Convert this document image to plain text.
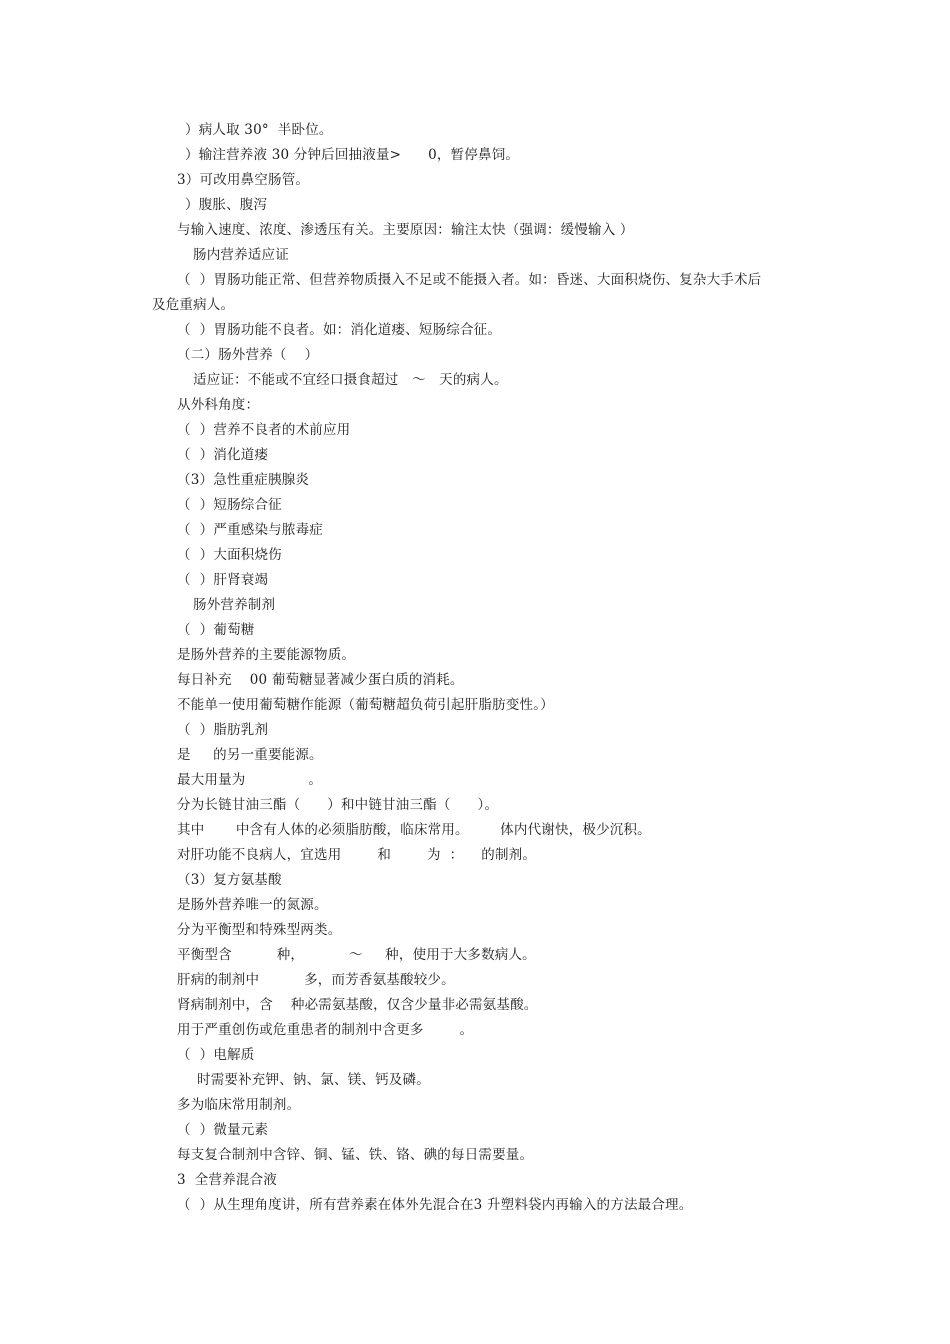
）病人取 30°  半卧位。
）输注营养液 30 分钟后回抽液量>      0，暂停鼻饲。
3）可改用鼻空肠管。
）腹胀、腹泻
与输入速度、浓度、渗透压有关。主要原因：输注太快（强调：缓慢输入 ）
肠内营养适应证
（  ）胃肠功能正常、但营养物质摄入不足或不能摄入者。如：昏迷、大面积烧伤、复杂大手术后
及危重病人。
（  ）胃肠功能不良者。如：消化道瘘、短肠综合征。
（二）肠外营养（    ）
适应证：不能或不宜经口摄食超过   ～   天的病人。
从外科角度：
（  ）营养不良者的术前应用
（  ）消化道瘘
（3）急性重症胰腺炎
（  ）短肠综合征
（  ）严重感染与脓毒症
（  ）大面积烧伤
（  ）肝肾衰竭
肠外营养制剂
（  ）葡萄糖
是肠外营养的主要能源物质。
每日补充    00 葡萄糖显著减少蛋白质的消耗。
不能单一使用葡萄糖作能源（葡萄糖超负荷引起肝脂肪变性。）
（  ）脂肪乳剂
是     的另一重要能源。
最大用量为              。
分为长链甘油三酯（      ）和中链甘油三酯（      ）。
其中       中含有人体的必须脂肪酸，临床常用。       体内代谢快，极少沉积。
对肝功能不良病人，宜选用        和        为  ：    的制剂。
（3）复方氨基酸
是肠外营养唯一的氮源。
分为平衡型和特殊型两类。
平衡型含          种，          ～     种，使用于大多数病人。
肝病的制剂中          多，而芳香氨基酸较少。
肾病制剂中，含    种必需氨基酸，仅含少量非必需氨基酸。
用于严重创伤或危重患者的制剂中含更多        。
（  ）电解质
时需要补充钾、钠、氯、镁、钙及磷。
多为临床常用制剂。
（  ）微量元素
每支复合制剂中含锌、铜、锰、铁、铬、碘的每日需要量。
3  全营养混合液
（  ）从生理角度讲，所有营养素在体外先混合在3 升塑料袋内再输入的方法最合理。
